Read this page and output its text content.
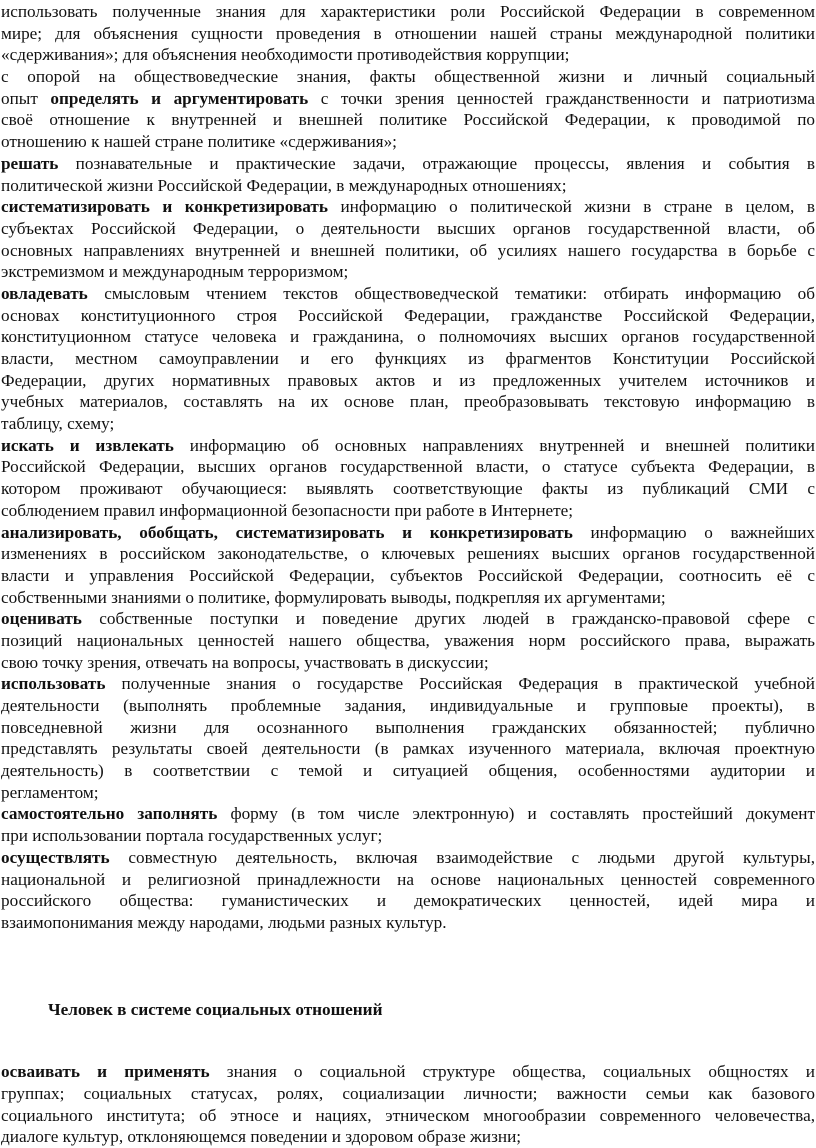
использовать полученные знания для характеристики роли Российской Федерации в современном
мире; для объяснения сущности проведения в отношении нашей страны международной политики
«сдерживания»; для объяснения необходимости противодействия коррупции;
с опорой на обществоведческие знания, факты общественной жизни и личный социальный
опыт определять и аргументировать с точки зрения ценностей гражданственности и патриотизма
своё отношение к внутренней и внешней политике Российской Федерации, к проводимой по
отношению к нашей стране политике «сдерживания»;
решать познавательные и практические задачи, отражающие процессы, явления и события в
политической жизни Российской Федерации, в международных отношениях;
систематизировать и конкретизировать информацию о политической жизни в стране в целом, в
субъектах Российской Федерации, о деятельности высших органов государственной власти, об
основных направлениях внутренней и внешней политики, об усилиях нашего государства в борьбе с
экстремизмом и международным терроризмом;
овладевать смысловым чтением текстов обществоведческой тематики: отбирать информацию об
основах конституционного строя Российской Федерации, гражданстве Российской Федерации,
конституционном статусе человека и гражданина, о полномочиях высших органов государственной
власти, местном самоуправлении и его функциях из фрагментов Конституции Российской
Федерации, других нормативных правовых актов и из предложенных учителем источников и
учебных материалов, составлять на их основе план, преобразовывать текстовую информацию в
таблицу, схему;
искать и извлекать информацию об основных направлениях внутренней и внешней политики
Российской Федерации, высших органов государственной власти, о статусе субъекта Федерации, в
котором проживают обучающиеся: выявлять соответствующие факты из публикаций СМИ с
соблюдением правил информационной безопасности при работе в Интернете;
анализировать, обобщать, систематизировать и конкретизировать информацию о важнейших
изменениях в российском законодательстве, о ключевых решениях высших органов государственной
власти и управления Российской Федерации, субъектов Российской Федерации, соотносить её с
собственными знаниями о политике, формулировать выводы, подкрепляя их аргументами;
оценивать собственные поступки и поведение других людей в гражданско-правовой сфере с
позиций национальных ценностей нашего общества, уважения норм российского права, выражать
свою точку зрения, отвечать на вопросы, участвовать в дискуссии;
использовать полученные знания о государстве Российская Федерация в практической учебной
деятельности (выполнять проблемные задания, индивидуальные и групповые проекты), в
повседневной жизни для осознанного выполнения гражданских обязанностей; публично
представлять результаты своей деятельности (в рамках изученного материала, включая проектную
деятельность) в соответствии с темой и ситуацией общения, особенностями аудитории и
регламентом;
самостоятельно заполнять форму (в том числе электронную) и составлять простейший документ
при использовании портала государственных услуг;
осуществлять совместную деятельность, включая взаимодействие с людьми другой культуры,
национальной и религиозной принадлежности на основе национальных ценностей современного
российского общества: гуманистических и демократических ценностей, идей мира и
взаимопонимания между народами, людьми разных культур.
Человек в системе социальных отношений
осваивать и применять знания о социальной структуре общества, социальных общностях и
группах; социальных статусах, ролях, социализации личности; важности семьи как базового
социального института; об этносе и нациях, этническом многообразии современного человечества,
диалоге культур, отклоняющемся поведении и здоровом образе жизни;
